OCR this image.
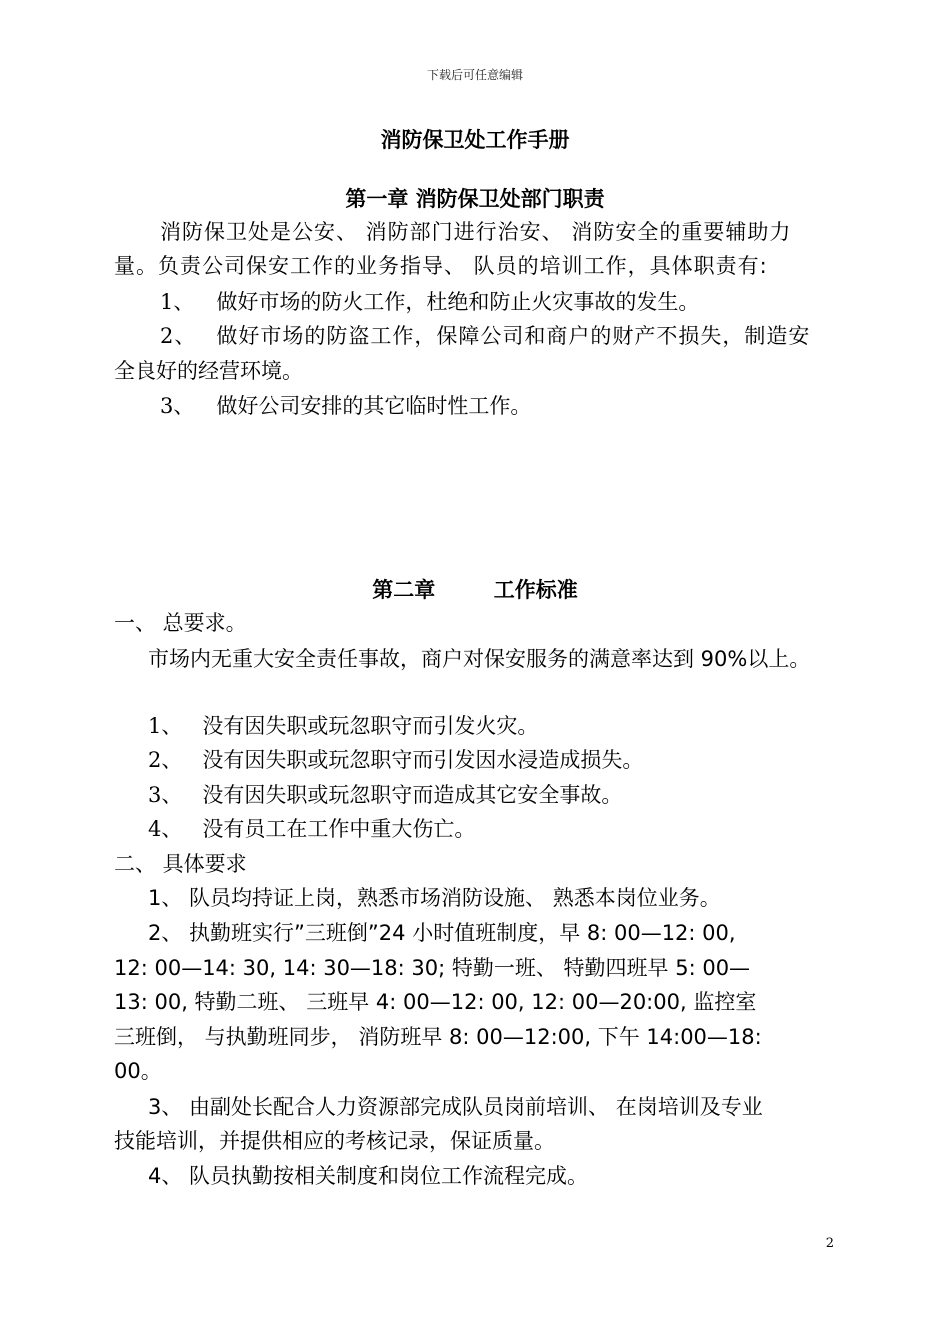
下载后可任意编辑
消防保卫处工作手册
第一章 消防保卫处部门职责
消防保卫处是公安、 消防部门进行治安、 消防安全的重要辅助力
量。负责公司保安工作的业务指导、 队员的培训工作，具体职责有:
1、 做好市场的防火工作，杜绝和防止火灾事故的发生。
2、 做好市场的防盗工作，保障公司和商户的财产不损失，制造安
全良好的经营环境。
3、 做好公司安排的其它临时性工作。
第二章        工作标准
一、 总要求。
市场内无重大安全责任事故，商户对保安服务的满意率达到 90%以上。
1、 没有因失职或玩忽职守而引发火灾。
2、 没有因失职或玩忽职守而引发因水浸造成损失。
3、 没有因失职或玩忽职守而造成其它安全事故。
4、 没有员工在工作中重大伤亡。
二、 具体要求
1、 队员均持证上岗，熟悉市场消防设施、 熟悉本岗位业务。
2、 执勤班实行”三班倒”24 小时值班制度，早 8: 00—12: 00,
12: 00—14: 30, 14: 30—18: 30; 特勤一班、 特勤四班早 5: 00—
13: 00, 特勤二班、 三班早 4: 00—12: 00, 12: 00—20:00, 监控室
三班倒， 与执勤班同步， 消防班早 8: 00—12:00, 下午 14:00—18:
00。
3、 由副处长配合人力资源部完成队员岗前培训、 在岗培训及专业
技能培训，并提供相应的考核记录，保证质量。
4、 队员执勤按相关制度和岗位工作流程完成。
2
